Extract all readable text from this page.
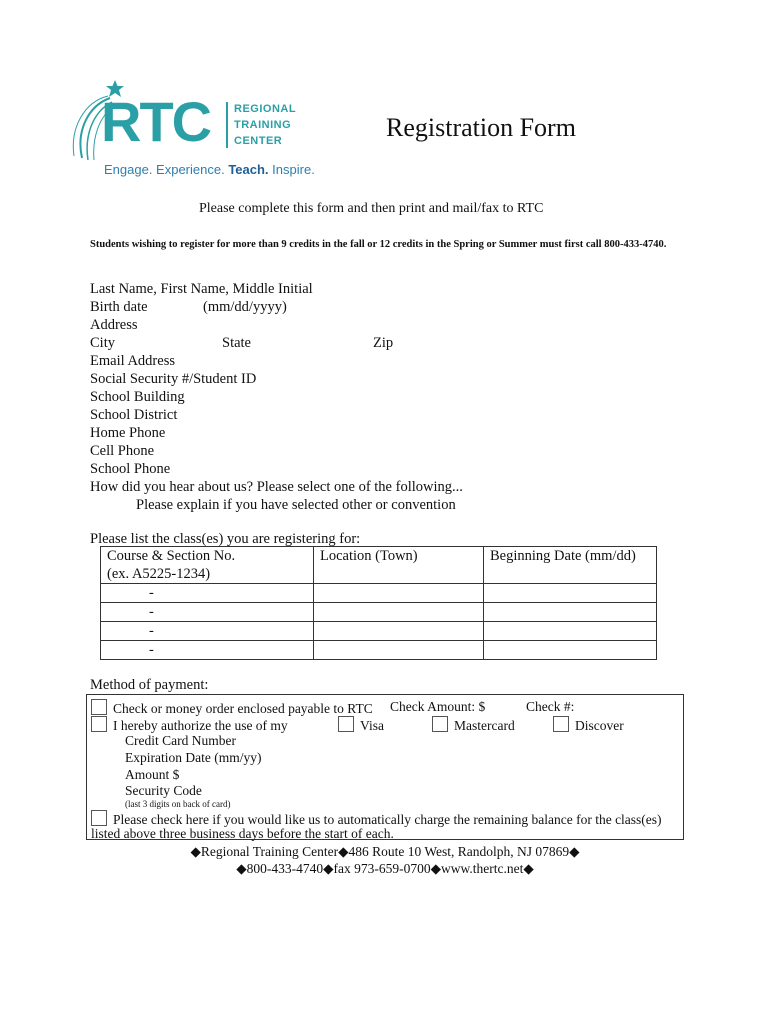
RTC REGIONAL
TRAINING
CENTER
Engage. Experience. Teach. Inspire.
Registration Form
Please complete this form and then print and mail/fax to RTC
Students wishing to register for more than 9 credits in the fall or 12 credits in the Spring or Summer must first call 800-433-4740.
Last Name, First Name, Middle Initial
Birth date	(mm/dd/yyyy)
Address
City	State	Zip
Email Address
Social Security #/Student ID
School Building
School District
Home Phone
Cell Phone
School Phone
How did you hear about us? Please select one of the following...
Please explain if you have selected other or convention
Please list the class(es) you are registering for:
Course & Section No.
(ex. A5225-1234)	Location (Town)	Beginning Date (mm/dd)
-		
-		
-		
-		
Method of payment:
Check or money order enclosed payable to RTC Check Amount: $	Check #:
I hereby authorize the use of my	Visa	Mastercard	Discover
Credit Card Number
Expiration Date (mm/yy)
Amount $
Security Code
(last 3 digits on back of card)
Please check here if you would like us to automatically charge the remaining balance for the class(es)
listed above three business days before the start of each.
◆Regional Training Center◆486 Route 10 West, Randolph, NJ 07869◆
◆800-433-4740◆fax 973-659-0700◆www.thertc.net◆
